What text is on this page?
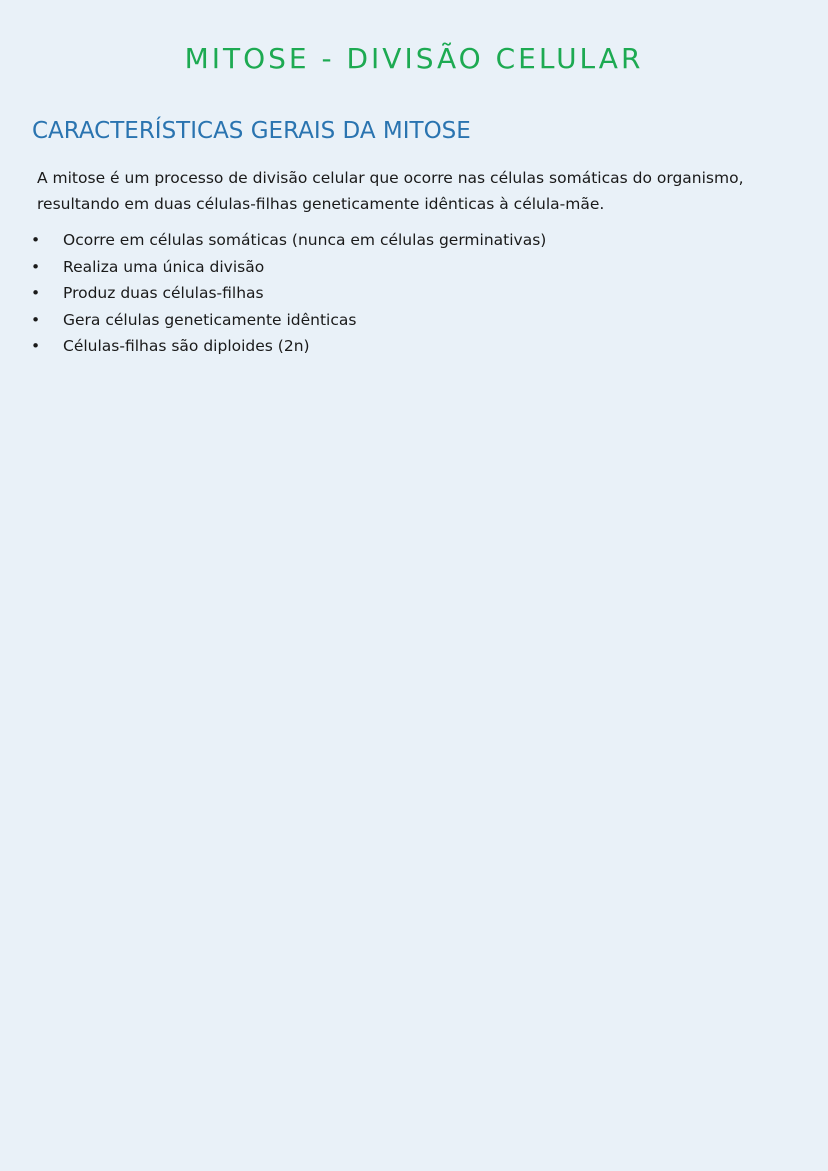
MITOSE - DIVISÃO CELULAR
CARACTERÍSTICAS GERAIS DA MITOSE

A mitose é um processo de divisão celular que ocorre nas células somáticas do organismo, resultando em duas células-filhas geneticamente idênticas à célula-mãe.

• Ocorre em células somáticas (nunca em células germinativas)
• Realiza uma única divisão
• Produz duas células-filhas
• Gera células geneticamente idênticas
• Células-filhas são diploides (2n)
